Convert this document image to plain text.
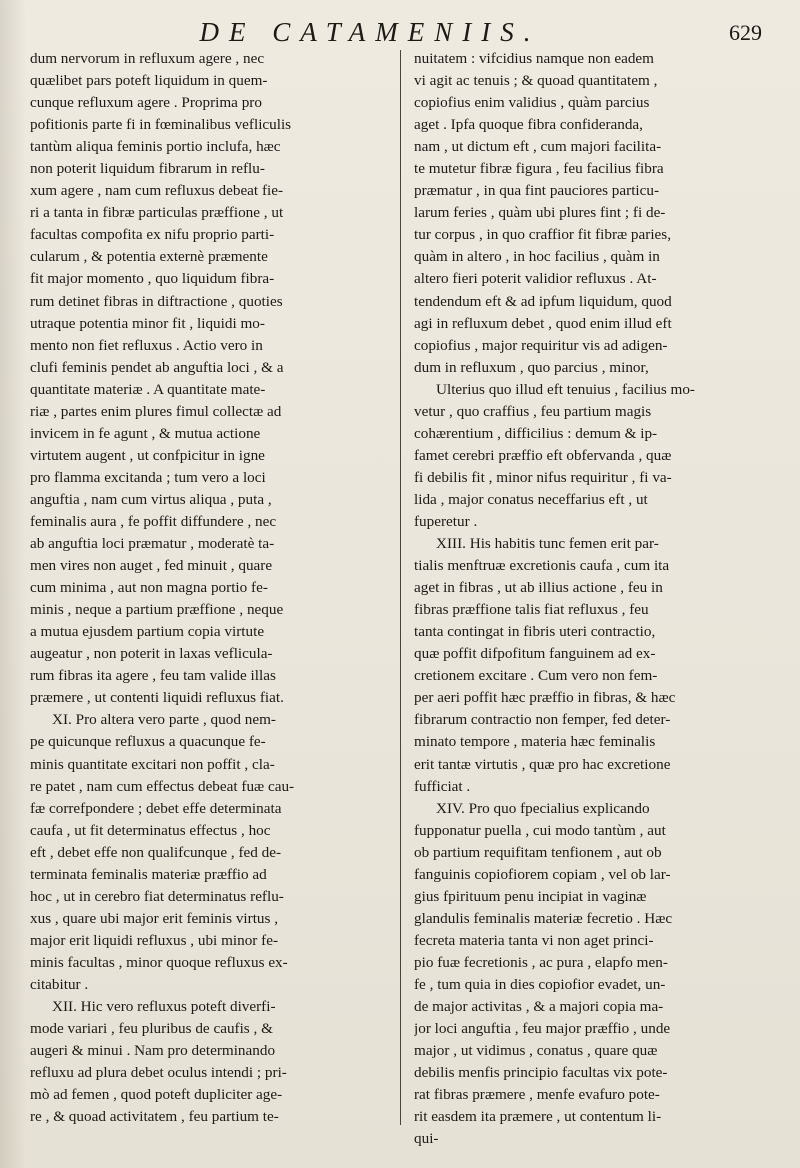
DE CATAMENIIS.	629
dum nervorum in refluxum agere , nec
quælibet pars poteft liquidum in quem-
cunque refluxum agere . Proprima pro
pofitionis parte fi in fœminalibus vefliculis
tantùm aliqua feminis portio inclufa, hæc
non poterit liquidum fibrarum in reflu-
xum agere , nam cum refluxus debeat fie-
ri a tanta in fibræ particulas præffione , ut
facultas compofita ex nifu proprio parti-
cularum , & potentia externè præmente
fit major momento , quo liquidum fibra-
rum detinet fibras in diftractione , quoties
utraque potentia minor fit , liquidi mo-
mento non fiet refluxus . Actio vero in
clufi feminis pendet ab anguftia loci , & a
quantitate materiæ . A quantitate mate-
riæ , partes enim plures fimul collectæ ad
invicem in fe agunt , & mutua actione
virtutem augent , ut confpicitur in igne
pro flamma excitanda ; tum vero a loci
anguftia , nam cum virtus aliqua , puta ,
feminalis aura , fe poffit diffundere , nec
ab anguftia loci præmatur , moderatè ta-
men vires non auget , fed minuit , quare
cum minima , aut non magna portio fe-
minis , neque a partium præffione , neque
a mutua ejusdem partium copia virtute
augeatur , non poterit in laxas veflicula-
rum fibras ita agere , feu tam valide illas
præmere , ut contenti liquidi refluxus fiat.
XI. Pro altera vero parte , quod nem-
pe quicunque refluxus a quacunque fe-
minis quantitate excitari non poffit , cla-
re patet , nam cum effectus debeat fuæ cau-
fæ correfpondere ; debet effe determinata
caufa , ut fit determinatus effectus , hoc
eft , debet effe non qualifcunque , fed de-
terminata feminalis materiæ præffio ad
hoc , ut in cerebro fiat determinatus reflu-
xus , quare ubi major erit feminis virtus ,
major erit liquidi refluxus , ubi minor fe-
minis facultas , minor quoque refluxus ex-
citabitur .
XII. Hic vero refluxus poteft diverfi-
mode variari , feu pluribus de caufis , &
augeri & minui . Nam pro determinando
refluxu ad plura debet oculus intendi ; pri-
mò ad femen , quod poteft dupliciter age-
re , & quoad activitatem , feu partium te-
nuitatem : vifcidius namque non eadem
vi agit ac tenuis ; & quoad quantitatem ,
copiofius enim validius , quàm parcius
aget . Ipfa quoque fibra confideranda,
nam , ut dictum eft , cum majori facilita-
te mutetur fibræ figura , feu facilius fibra
præmatur , in qua fint pauciores particu-
larum feries , quàm ubi plures fint ; fi de-
tur corpus , in quo craffior fit fibræ paries,
quàm in altero , in hoc facilius , quàm in
altero fieri poterit validior refluxus . At-
tendendum eft & ad ipfum liquidum, quod
agi in refluxum debet , quod enim illud eft
copiofius , major requiritur vis ad adigen-
dum in refluxum , quo parcius , minor,
Ulterius quo illud eft tenuius , facilius mo-
vetur , quo craffius , feu partium magis
cohærentium , difficilius : demum & ip-
famet cerebri præffio eft obfervanda , quæ
fi debilis fit , minor nifus requiritur , fi va-
lida , major conatus neceffarius eft , ut
fuperetur .
XIII. His habitis tunc femen erit par-
tialis menftruæ excretionis caufa , cum ita
aget in fibras , ut ab illius actione , feu in
fibras præffione talis fiat refluxus , feu
tanta contingat in fibris uteri contractio,
quæ poffit difpofitum fanguinem ad ex-
cretionem excitare . Cum vero non fem-
per aeri poffit hæc præffio in fibras, & hæc
fibrarum contractio non femper, fed deter-
minato tempore , materia hæc feminalis
erit tantæ virtutis , quæ pro hac excretione
fufficiat .
XIV. Pro quo fpecialius explicando
fupponatur puella , cui modo tantùm , aut
ob partium requifitam tenfionem , aut ob
fanguinis copiofiorem copiam , vel ob lar-
gius fpirituum penu incipiat in vaginæ
glandulis feminalis materiæ fecretio . Hæc
fecreta materia tanta vi non aget princi-
pio fuæ fecretionis , ac pura , elapfo men-
fe , tum quia in dies copiofior evadet, un-
de major activitas , & a majori copia ma-
jor loci anguftia , feu major præffio , unde
major , ut vidimus , conatus , quare quæ
debilis menfis principio facultas vix pote-
rat fibras præmere , menfe evafuro pote-
rit easdem ita præmere , ut contentum li-
qui-
